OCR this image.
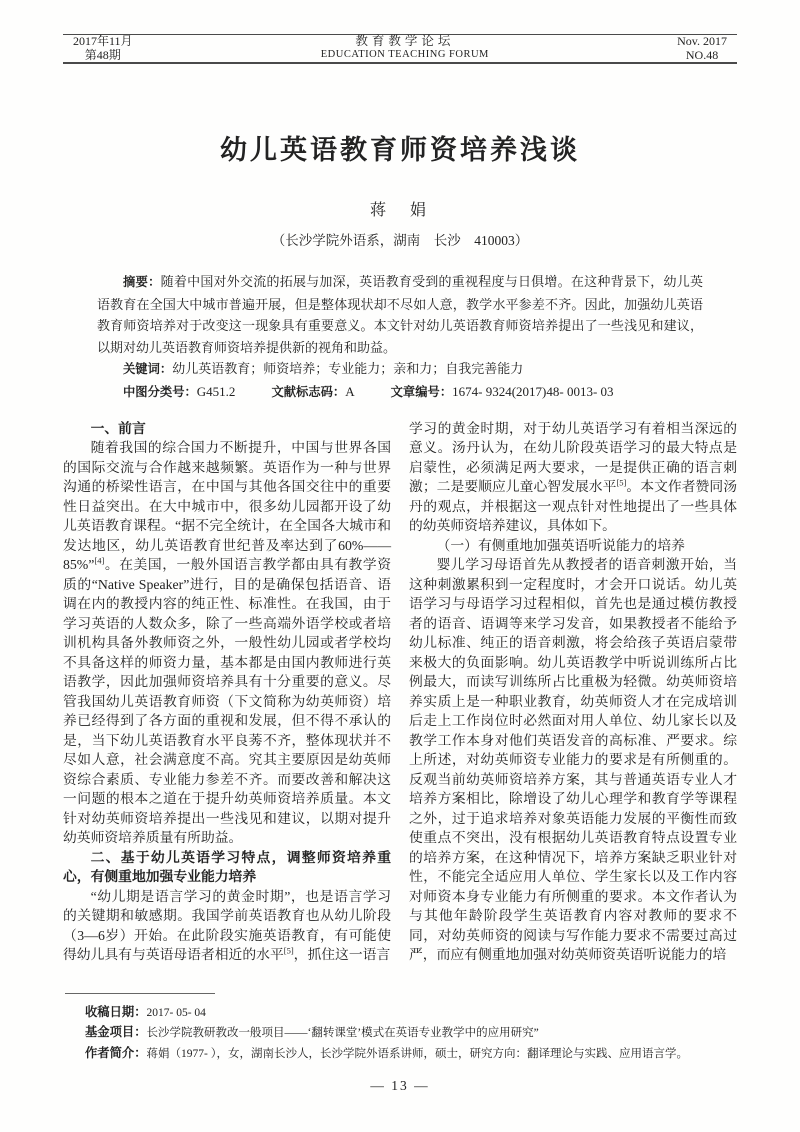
2017年11月
第48期
教育教学论坛
EDUCATION TEACHING FORUM
Nov. 2017
NO.48
幼儿英语教育师资培养浅谈
蒋　娟
（长沙学院外语系，湖南　长沙　410003）

摘要：随着中国对外交流的拓展与加深，英语教育受到的重视程度与日俱增。在这种背景下，幼儿英语教育在全国大中城市普遍开展，但是整体现状却不尽如人意，教学水平参差不齐。因此，加强幼儿英语教育师资培养对于改变这一现象具有重要意义。本文针对幼儿英语教育师资培养提出了一些浅见和建议，以期对幼儿英语教育师资培养提供新的视角和助益。

关键词：幼儿英语教育；师资培养；专业能力；亲和力；自我完善能力

中图分类号：G451.2	文献标志码：A	文章编号：1674- 9324(2017)48- 0013- 03

一、前言

随着我国的综合国力不断提升，中国与世界各国的国际交流与合作越来越频繁。英语作为一种与世界沟通的桥梁性语言，在中国与其他各国交往中的重要性日益突出。在大中城市中，很多幼儿园都开设了幼儿英语教育课程。“据不完全统计，在全国各大城市和发达地区，幼儿英语教育世纪普及率达到了60%——85%”[4]。在美国，一般外国语言教学都由具有教学资质的“Native Speaker”进行，目的是确保包括语音、语调在内的教授内容的纯正性、标准性。在我国，由于学习英语的人数众多，除了一些高端外语学校或者培训机构具备外教师资之外，一般性幼儿园或者学校均不具备这样的师资力量，基本都是由国内教师进行英语教学，因此加强师资培养具有十分重要的意义。尽管我国幼儿英语教育师资（下文简称为幼英师资）培养已经得到了各方面的重视和发展，但不得不承认的是，当下幼儿英语教育水平良莠不齐，整体现状并不尽如人意，社会满意度不高。究其主要原因是幼英师资综合素质、专业能力参差不齐。而要改善和解决这一问题的根本之道在于提升幼英师资培养质量。本文针对幼英师资培养提出一些浅见和建议，以期对提升幼英师资培养质量有所助益。

二、基于幼儿英语学习特点，调整师资培养重心，有侧重地加强专业能力培养

“幼儿期是语言学习的黄金时期”，也是语言学习的关键期和敏感期。我国学前英语教育也从幼儿阶段（3—6岁）开始。在此阶段实施英语教育，有可能使得幼儿具有与英语母语者相近的水平[5]，抓住这一语言

学习的黄金时期，对于幼儿英语学习有着相当深远的意义。汤丹认为，在幼儿阶段英语学习的最大特点是启蒙性，必须满足两大要求，一是提供正确的语言刺激；二是要顺应儿童心智发展水平[5]。本文作者赞同汤丹的观点，并根据这一观点针对性地提出了一些具体的幼英师资培养建议，具体如下。

（一）有侧重地加强英语听说能力的培养

婴儿学习母语首先从教授者的语音刺激开始，当这种刺激累积到一定程度时，才会开口说话。幼儿英语学习与母语学习过程相似，首先也是通过模仿教授者的语音、语调等来学习发音，如果教授者不能给予幼儿标准、纯正的语音刺激，将会给孩子英语启蒙带来极大的负面影响。幼儿英语教学中听说训练所占比例最大，而读写训练所占比重极为轻微。幼英师资培养实质上是一种职业教育，幼英师资人才在完成培训后走上工作岗位时必然面对用人单位、幼儿家长以及教学工作本身对他们英语发音的高标准、严要求。综上所述，对幼英师资专业能力的要求是有所侧重的。反观当前幼英师资培养方案，其与普通英语专业人才培养方案相比，除增设了幼儿心理学和教育学等课程之外，过于追求培养对象英语能力发展的平衡性而致使重点不突出，没有根据幼儿英语教育特点设置专业的培养方案，在这种情况下，培养方案缺乏职业针对性，不能完全适应用人单位、学生家长以及工作内容对师资本身专业能力有所侧重的要求。本文作者认为与其他年龄阶段学生英语教育内容对教师的要求不同，对幼英师资的阅读与写作能力要求不需要过高过严，而应有侧重地加强对幼英师资英语听说能力的培

收稿日期：2017- 05- 04

基金项目：长沙学院教研教改一般项目——‘翻转课堂’模式在英语专业教学中的应用研究”

作者简介：蒋娟（1977- ），女，湖南长沙人，长沙学院外语系讲师，硕士，研究方向：翻译理论与实践、应用语言学。

— 13 —
